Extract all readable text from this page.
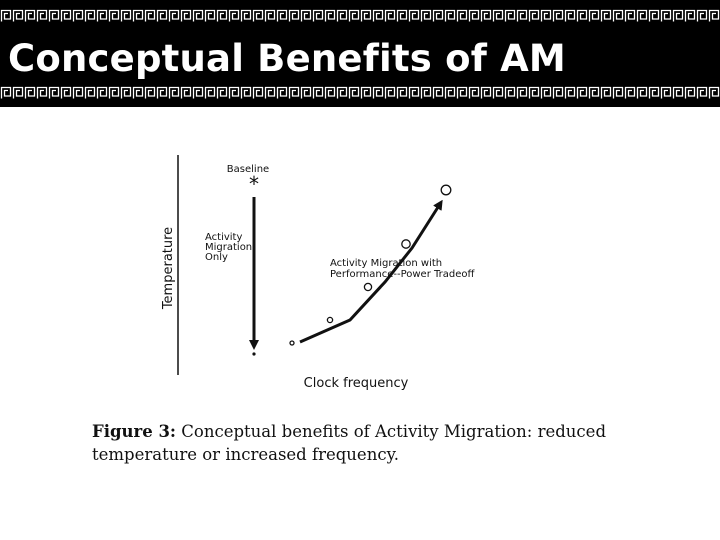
Conceptual Benefits of AM
Temperature
Clock frequency
Baseline
*
Activity
Migration
Only
Activity Migration with
Performance--Power Tradeoff

Figure 3: Conceptual benefits of Activity Migration: reduced temperature or increased frequency.
